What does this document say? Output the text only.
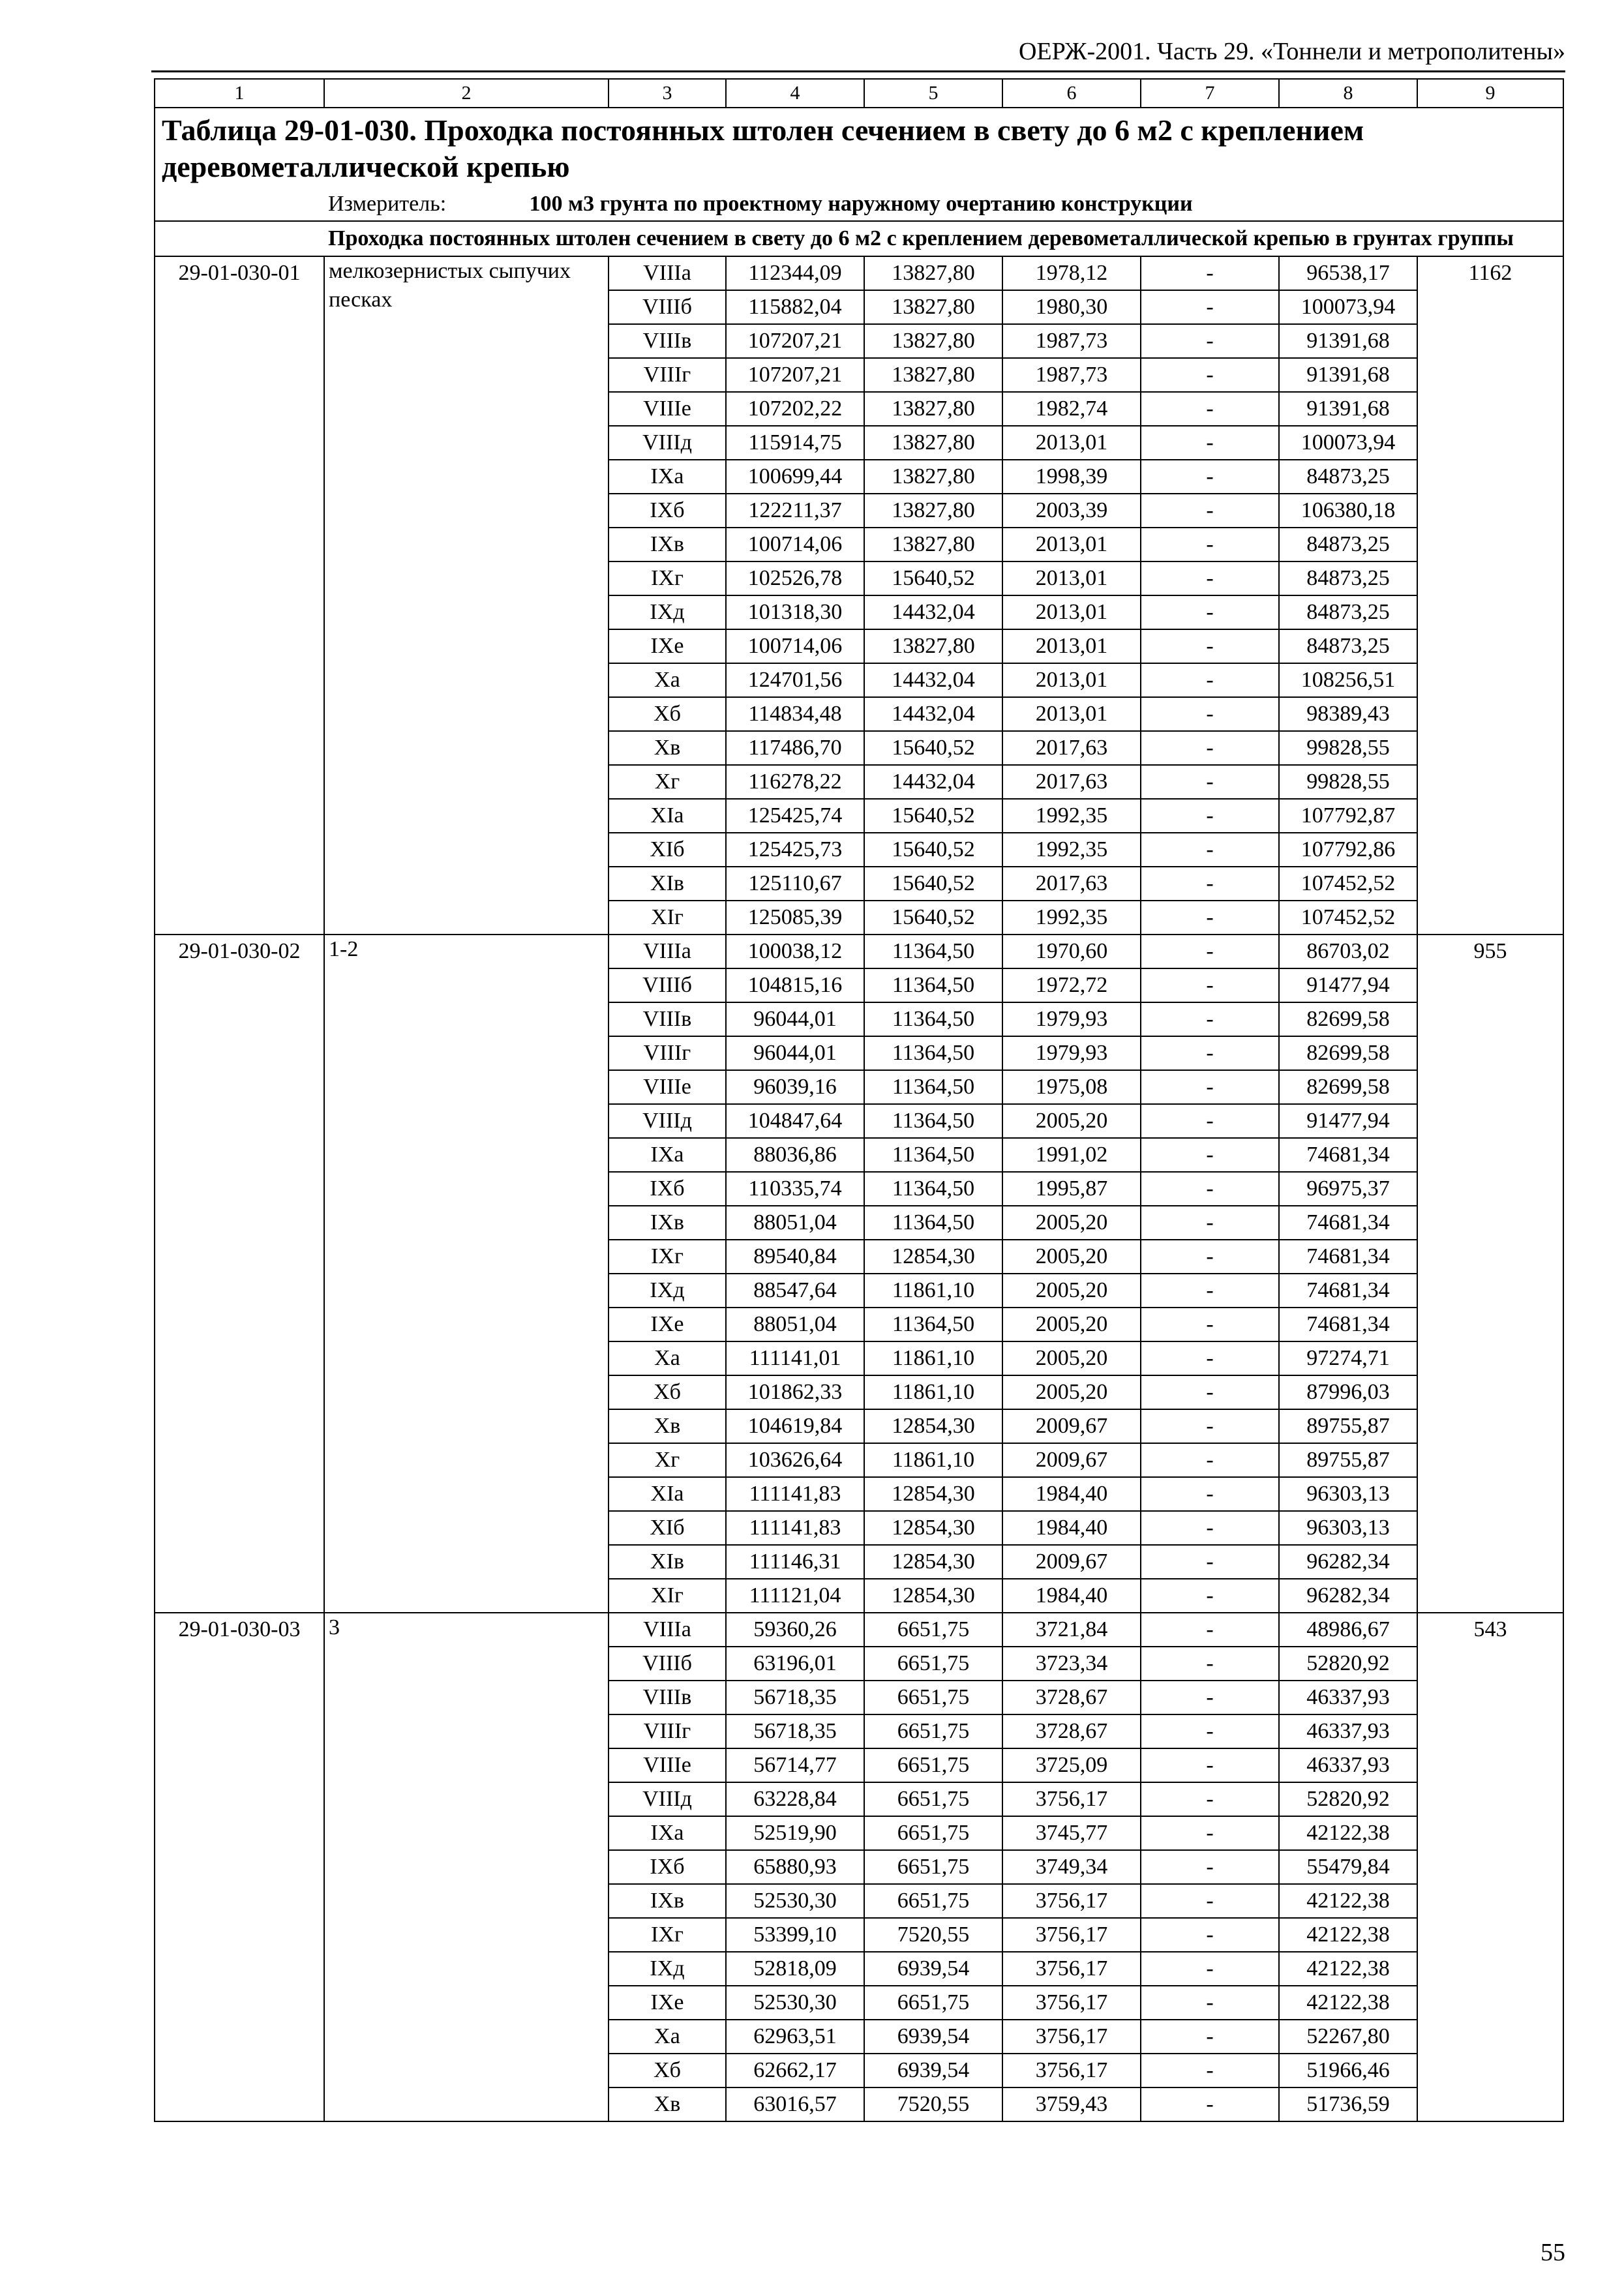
ОЕРЖ-2001. Часть 29. «Тоннели и метрополитены»
1	2	3	4	5	6	7	8	9
Таблица 29-01-030. Проходка постоянных штолен сечением в свету до 6 м2 с креплением деревометаллической крепью								
	Измеритель: 100 м3 грунта по проектному наружному очертанию конструкции							
	Проходка постоянных штолен сечением в свету до 6 м2 с креплением деревометаллической крепью в грунтах группы							
29-01-030-01	мелкозернистых сыпучих песках	VIIIа	112344,09	13827,80	1978,12	-	96538,17	1162
		VIIIб	115882,04	13827,80	1980,30	-	100073,94	
		VIIIв	107207,21	13827,80	1987,73	-	91391,68	
		VIIIг	107207,21	13827,80	1987,73	-	91391,68	
		VIIIе	107202,22	13827,80	1982,74	-	91391,68	
		VIIIд	115914,75	13827,80	2013,01	-	100073,94	
		IXа	100699,44	13827,80	1998,39	-	84873,25	
		IXб	122211,37	13827,80	2003,39	-	106380,18	
		IXв	100714,06	13827,80	2013,01	-	84873,25	
		IXг	102526,78	15640,52	2013,01	-	84873,25	
		IXд	101318,30	14432,04	2013,01	-	84873,25	
		IXе	100714,06	13827,80	2013,01	-	84873,25	
		Xа	124701,56	14432,04	2013,01	-	108256,51	
		Xб	114834,48	14432,04	2013,01	-	98389,43	
		Xв	117486,70	15640,52	2017,63	-	99828,55	
		Xг	116278,22	14432,04	2017,63	-	99828,55	
		XIа	125425,74	15640,52	1992,35	-	107792,87	
		XIб	125425,73	15640,52	1992,35	-	107792,86	
		XIв	125110,67	15640,52	2017,63	-	107452,52	
		XIг	125085,39	15640,52	1992,35	-	107452,52	
29-01-030-02	1-2	VIIIа	100038,12	11364,50	1970,60	-	86703,02	955
		VIIIб	104815,16	11364,50	1972,72	-	91477,94	
		VIIIв	96044,01	11364,50	1979,93	-	82699,58	
		VIIIг	96044,01	11364,50	1979,93	-	82699,58	
		VIIIе	96039,16	11364,50	1975,08	-	82699,58	
		VIIIд	104847,64	11364,50	2005,20	-	91477,94	
		IXа	88036,86	11364,50	1991,02	-	74681,34	
		IXб	110335,74	11364,50	1995,87	-	96975,37	
		IXв	88051,04	11364,50	2005,20	-	74681,34	
		IXг	89540,84	12854,30	2005,20	-	74681,34	
		IXд	88547,64	11861,10	2005,20	-	74681,34	
		IXе	88051,04	11364,50	2005,20	-	74681,34	
		Xа	111141,01	11861,10	2005,20	-	97274,71	
		Xб	101862,33	11861,10	2005,20	-	87996,03	
		Xв	104619,84	12854,30	2009,67	-	89755,87	
		Xг	103626,64	11861,10	2009,67	-	89755,87	
		XIа	111141,83	12854,30	1984,40	-	96303,13	
		XIб	111141,83	12854,30	1984,40	-	96303,13	
		XIв	111146,31	12854,30	2009,67	-	96282,34	
		XIг	111121,04	12854,30	1984,40	-	96282,34	
29-01-030-03	3	VIIIа	59360,26	6651,75	3721,84	-	48986,67	543
		VIIIб	63196,01	6651,75	3723,34	-	52820,92	
		VIIIв	56718,35	6651,75	3728,67	-	46337,93	
		VIIIг	56718,35	6651,75	3728,67	-	46337,93	
		VIIIе	56714,77	6651,75	3725,09	-	46337,93	
		VIIIд	63228,84	6651,75	3756,17	-	52820,92	
		IXа	52519,90	6651,75	3745,77	-	42122,38	
		IXб	65880,93	6651,75	3749,34	-	55479,84	
		IXв	52530,30	6651,75	3756,17	-	42122,38	
		IXг	53399,10	7520,55	3756,17	-	42122,38	
		IXд	52818,09	6939,54	3756,17	-	42122,38	
		IXе	52530,30	6651,75	3756,17	-	42122,38	
		Xа	62963,51	6939,54	3756,17	-	52267,80	
		Xб	62662,17	6939,54	3756,17	-	51966,46	
		Xв	63016,57	7520,55	3759,43	-	51736,59	
55
